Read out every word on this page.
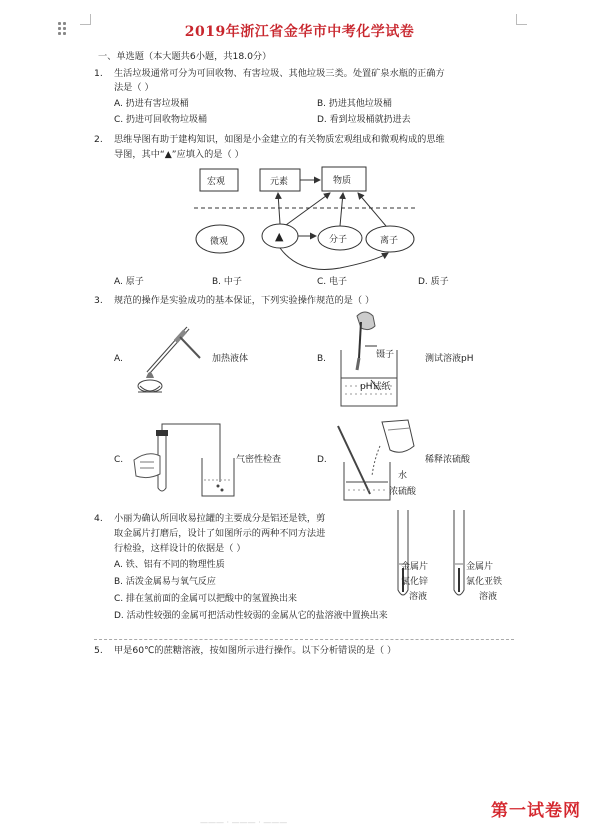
2019年浙江省金华市中考化学试卷
一、单选题（本大题共6小题，共18.0分）
1. 生活垃圾通常可分为可回收物、有害垃圾、其他垃圾三类。处置矿泉水瓶的正确方
法是（ ）
A. 扔进有害垃圾桶	B. 扔进其他垃圾桶
C. 扔进可回收物垃圾桶	D. 看到垃圾桶就扔进去
2. 思维导图有助于建构知识，如图是小金建立的有关物质宏观组成和微观构成的思维
导图，其中“▲”应填入的是（ ）
宏观	元素	物质
微观	▲	分子	离子
A. 原子	B. 中子	C. 电子	D. 质子
3. 规范的操作是实验成功的基本保证，下列实验操作规范的是（ ）
A.	加热液体	B.	镊子	测试溶液pH
pH试纸
C.	气密性检查	D.	稀释浓硫酸
水
浓硫酸
4. 小丽为确认所回收易拉罐的主要成分是铝还是铁，剪
取金属片打磨后，设计了如图所示的两种不同方法进
行检验，这样设计的依据是（ ）
A. 铁、铝有不同的物理性质
B. 活泼金属易与氧气反应
C. 排在氢前面的金属可以把酸中的氢置换出来
D. 活动性较强的金属可把活动性较弱的金属从它的盐溶液中置换出来
金属片
氯化锌
溶液
金属片
氯化亚铁
溶液
5. 甲是60℃的蔗糖溶液，按如图所示进行操作。以下分析错误的是（ ）
第一试卷网
——— · ——— · ———
